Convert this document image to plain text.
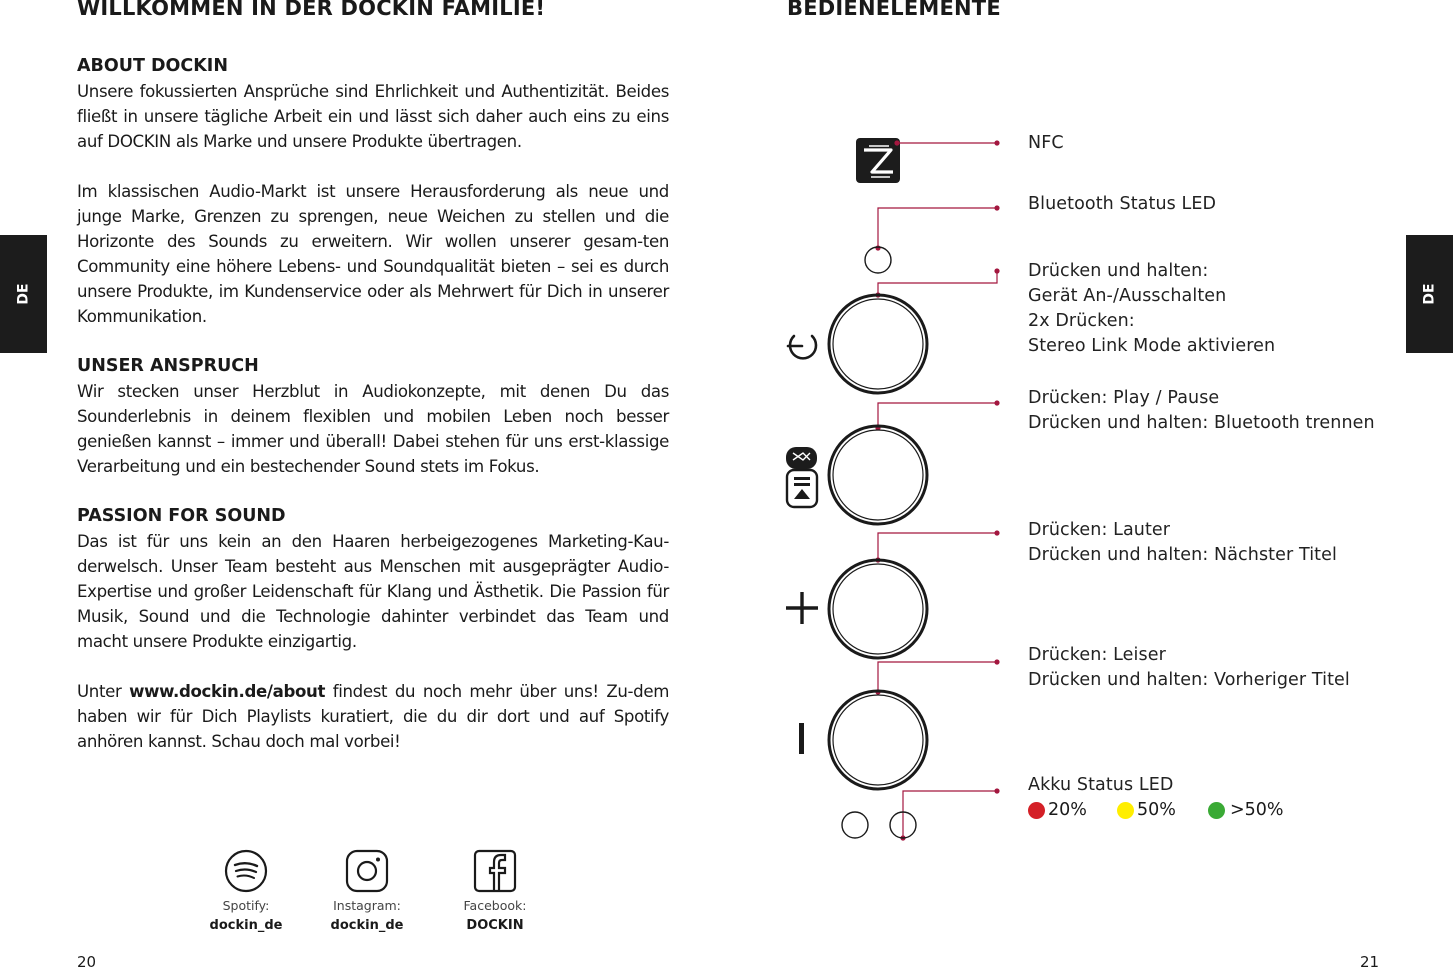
DE	DE
WILLKOMMEN IN DER DOCKIN FAMILIE!
ABOUT DOCKIN

Unsere fokussierten Ansprüche sind Ehrlichkeit und Authentizität. Beides fließt in unsere tägliche Arbeit ein und lässt sich daher auch eins zu eins auf DOCKIN als Marke und unsere Produkte übertragen.

Im klassischen Audio-Markt ist unsere Herausforderung als neue und junge Marke, Grenzen zu sprengen, neue Weichen zu stellen und die Horizonte des Sounds zu erweitern. Wir wollen unserer gesam-ten Community eine höhere Lebens- und Soundqualität bieten – sei es durch unsere Produkte, im Kundenservice oder als Mehrwert für Dich in unserer Kommunikation.

UNSER ANSPRUCH

Wir stecken unser Herzblut in Audiokonzepte, mit denen Du das Sounderlebnis in deinem flexiblen und mobilen Leben noch besser genießen kannst – immer und überall! Dabei stehen für uns erst-klassige Verarbeitung und ein bestechender Sound stets im Fokus.

PASSION FOR SOUND

Das ist für uns kein an den Haaren herbeigezogenes Marketing-Kau-derwelsch. Unser Team besteht aus Menschen mit ausgeprägter Audio-Expertise und großer Leidenschaft für Klang und Ästhetik. Die Passion für Musik, Sound und die Technologie dahinter verbindet das Team und macht unsere Produkte einzigartig.

Unter www.dockin.de/about findest du noch mehr über uns! Zu-dem haben wir für Dich Playlists kuratiert, die du dir dort und auf Spotify anhören kannst. Schau doch mal vorbei!

Spotify:
dockin_de
Instagram:
dockin_de
Facebook:
DOCKIN
20
BEDIENELEMENTE
NFC
Bluetooth Status LED
Drücken und halten:
Gerät An-/Ausschalten
2x Drücken:
Stereo Link Mode aktivieren
Drücken: Play / Pause
Drücken und halten: Bluetooth trennen
Drücken: Lauter
Drücken und halten: Nächster Titel
Drücken: Leiser
Drücken und halten: Vorheriger Titel
Akku Status LED
20%	50%	>50%
21
